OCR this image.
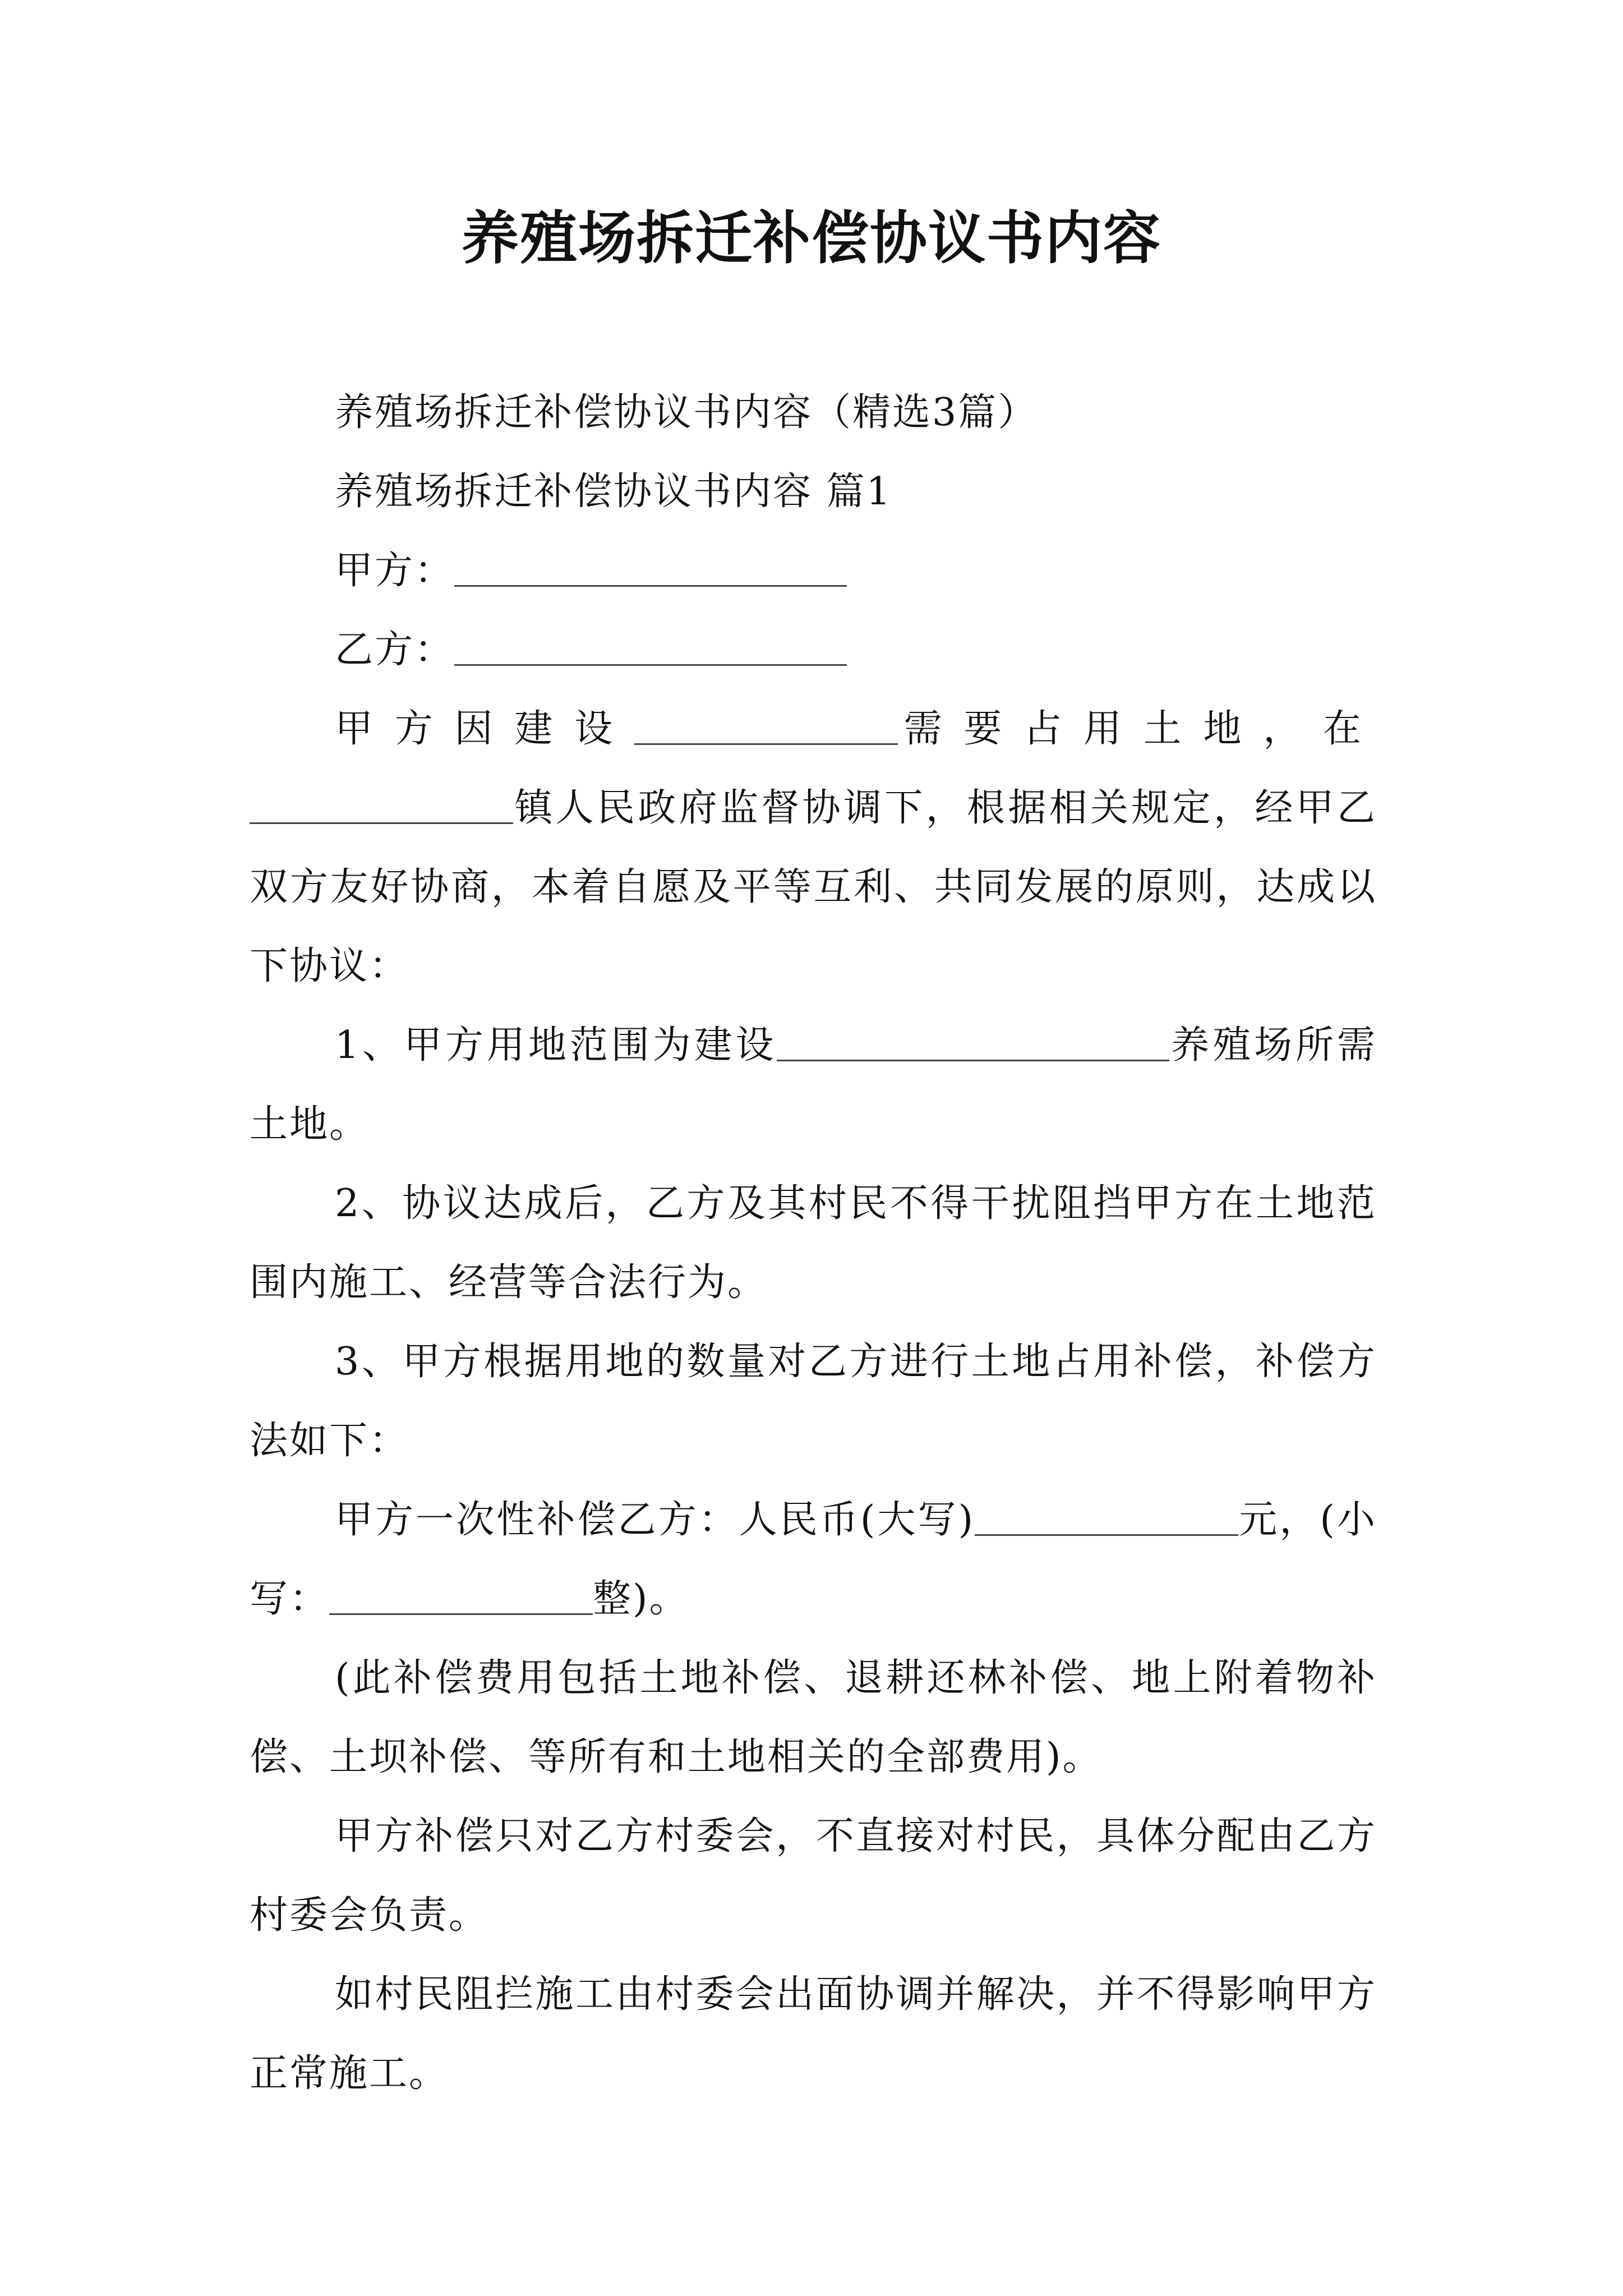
养殖场拆迁补偿协议书内容

养殖场拆迁补偿协议书内容（精选3篇）

养殖场拆迁补偿协议书内容 篇1

甲方：

乙方：

甲方因建设	需要占用土地，在镇人民政府监督协调下，根据相关规定，经甲乙双方友好协商，本着自愿及平等互利、共同发展的原则，达成以下协议：

1、甲方用地范围为建设	养殖场所需土地。

2、协议达成后，乙方及其村民不得干扰阻挡甲方在土地范围内施工、经营等合法行为。

3、甲方根据用地的数量对乙方进行土地占用补偿，补偿方法如下：

甲方一次性补偿乙方：人民币(大写)	元，(小写：	整)。

(此补偿费用包括土地补偿、退耕还林补偿、地上附着物补偿、土坝补偿、等所有和土地相关的全部费用)。

甲方补偿只对乙方村委会，不直接对村民，具体分配由乙方村委会负责。

如村民阻拦施工由村委会出面协调并解决，并不得影响甲方正常施工。
